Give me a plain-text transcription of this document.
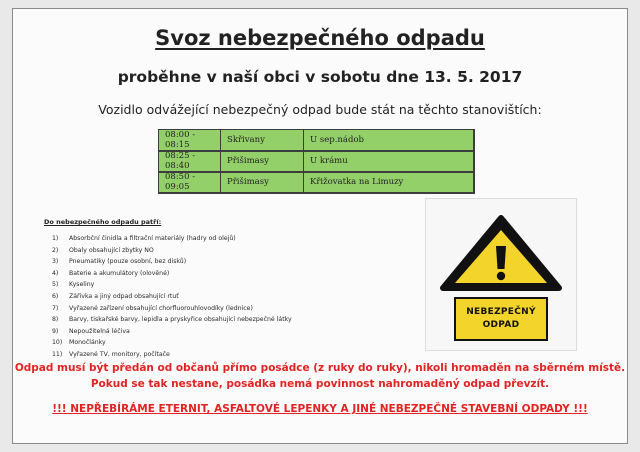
Svoz nebezpečného odpadu
proběhne v naší obci v sobotu dne 13. 5. 2017
Vozidlo odvážející nebezpečný odpad bude stát na těchto stanovištích:
08:00 - 08:15	Skřivany	U sep.nádob
08:25 - 08:40	Přišimasy	U krámu
08:50 - 09:05	Přišimasy	Křižovatka na Limuzy
Do nebezpečného odpadu patří:
1) Absorbční činidla a filtrační materiály (hadry od olejů)
2) Obaly obsahující zbytky NO
3) Pneumatiky (pouze osobní, bez disků)
4) Baterie a akumulátory (olověné)
5) Kyseliny
6) Zářivka a jiný odpad obsahující rtuť
7) Vyřazené zařízení obsahující chorfluorouhlovodíky (lednice)
8) Barvy, tiskařské barvy, lepidla a pryskyřice obsahující nebezpečné látky
9) Nepoužitelná léčiva
10) Monočlánky
11) Vyřazené TV, monitory, počítače
NEBEZPEČNÝ
ODPAD
Odpad musí být předán od občanů přímo posádce (z ruky do ruky), nikoli hromaděn na sběrném místě.
Pokud se tak nestane, posádka nemá povinnost nahromaděný odpad převzít.
!!! NEPŘEBÍRÁME ETERNIT, ASFALTOVÉ LEPENKY A JINÉ NEBEZPEČNÉ STAVEBNÍ ODPADY !!!
